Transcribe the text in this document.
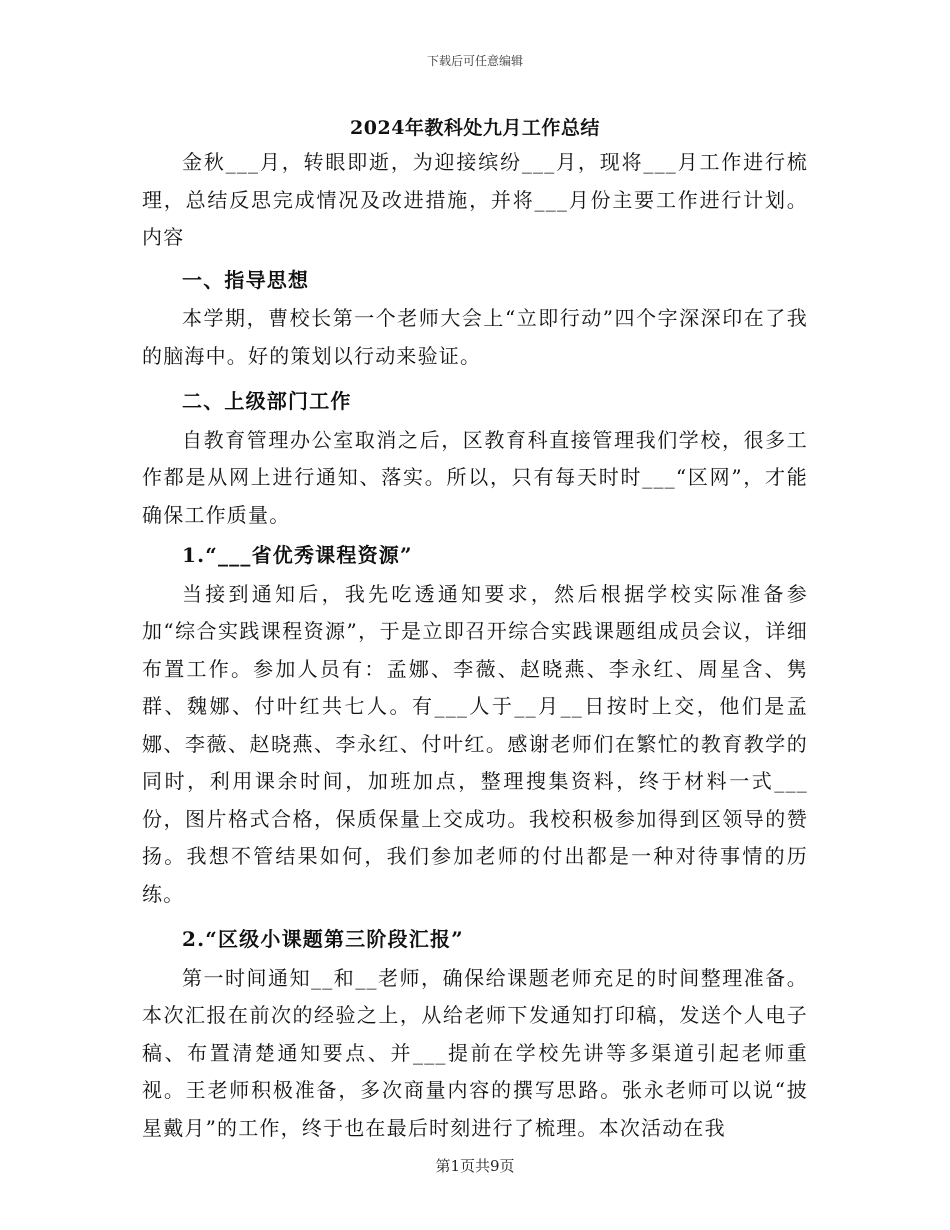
下载后可任意编辑
2024年教科处九月工作总结

金秋___月，转眼即逝，为迎接缤纷___月，现将___月工作进行梳理，总结反思完成情况及改进措施，并将___月份主要工作进行计划。内容

一、指导思想

本学期，曹校长第一个老师大会上“立即行动”四个字深深印在了我的脑海中。好的策划以行动来验证。

二、上级部门工作

自教育管理办公室取消之后，区教育科直接管理我们学校，很多工作都是从网上进行通知、落实。所以，只有每天时时___“区网”，才能确保工作质量。

1.“___省优秀课程资源”

当接到通知后，我先吃透通知要求，然后根据学校实际准备参加“综合实践课程资源”，于是立即召开综合实践课题组成员会议，详细布置工作。参加人员有：孟娜、李薇、赵晓燕、李永红、周星含、隽群、魏娜、付叶红共七人。有___人于__月__日按时上交，他们是孟娜、李薇、赵晓燕、李永红、付叶红。感谢老师们在繁忙的教育教学的同时，利用课余时间，加班加点，整理搜集资料，终于材料一式___份，图片格式合格，保质保量上交成功。我校积极参加得到区领导的赞扬。我想不管结果如何，我们参加老师的付出都是一种对待事情的历练。

2.“区级小课题第三阶段汇报”

第一时间通知__和__老师，确保给课题老师充足的时间整理准备。本次汇报在前次的经验之上，从给老师下发通知打印稿，发送个人电子稿、布置清楚通知要点、并___提前在学校先讲等多渠道引起老师重视。王老师积极准备，多次商量内容的撰写思路。张永老师可以说“披星戴月”的工作，终于也在最后时刻进行了梳理。本次活动在我

第1页共9页
